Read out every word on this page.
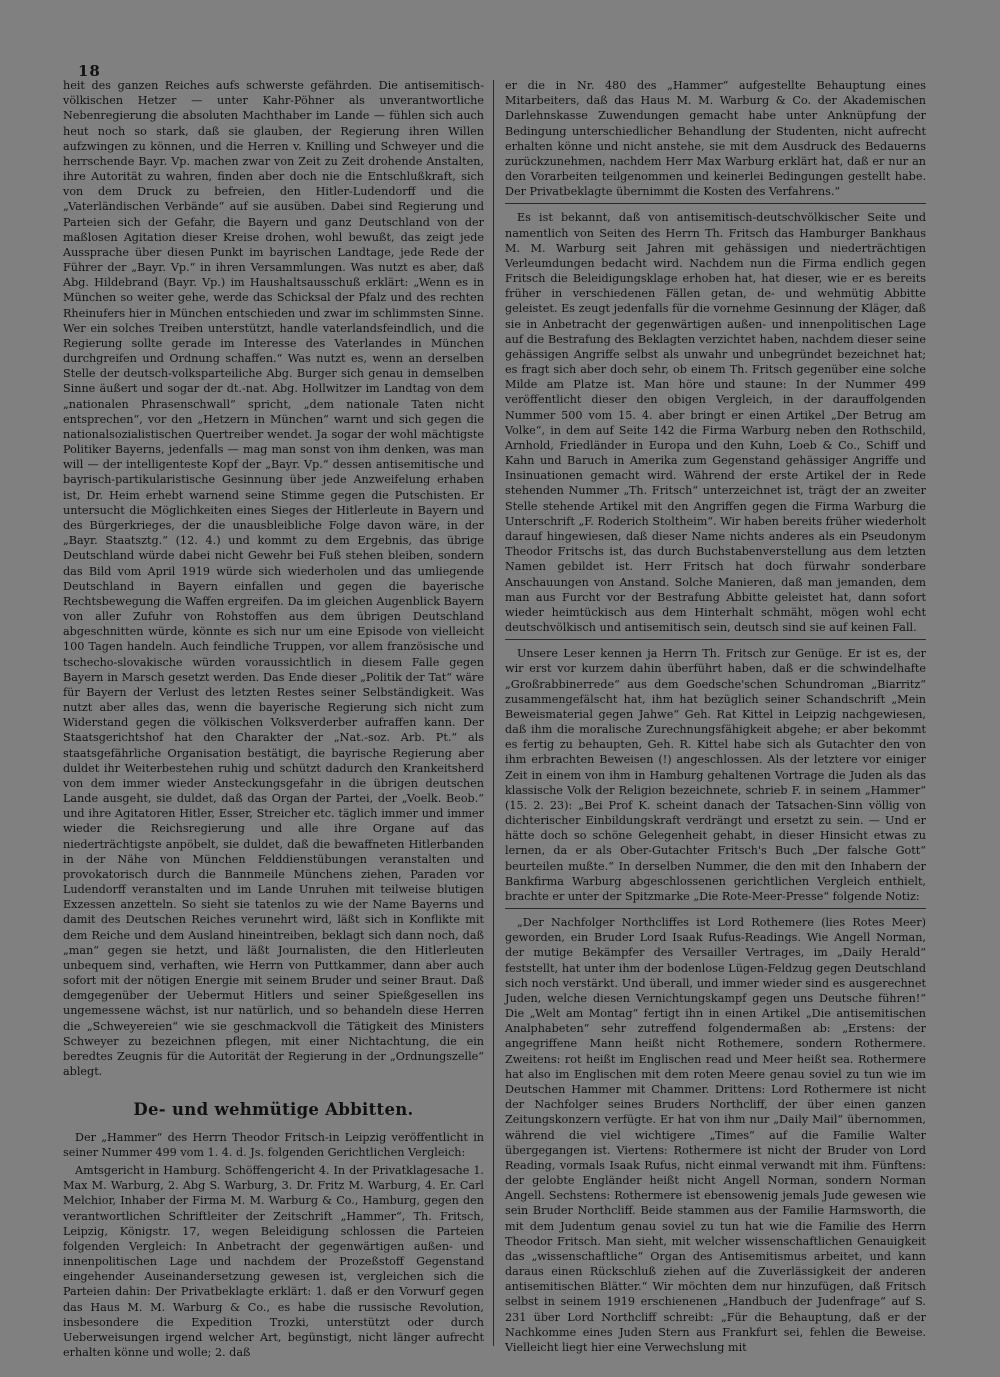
18

heit des ganzen Reiches aufs schwerste gefährden. Die antisemitisch-völkischen Hetzer — unter Kahr-Pöhner als unverantwortliche Nebenregierung die absoluten Machthaber im Lande — fühlen sich auch heut noch so stark, daß sie glauben, der Regierung ihren Willen aufzwingen zu können, und die Herren v. Knilling und Schweyer und die herrschende Bayr. Vp. machen zwar von Zeit zu Zeit drohende Anstalten, ihre Autorität zu wahren, finden aber doch nie die Entschlußkraft, sich von dem Druck zu befreien, den Hitler-Ludendorff und die „Vaterländischen Verbände“ auf sie ausüben. Dabei sind Regierung und Parteien sich der Gefahr, die Bayern und ganz Deutschland von der maßlosen Agitation dieser Kreise drohen, wohl bewußt, das zeigt jede Aussprache über diesen Punkt im bayrischen Landtage, jede Rede der Führer der „Bayr. Vp.“ in ihren Versammlungen. Was nutzt es aber, daß Abg. Hildebrand (Bayr. Vp.) im Haushaltsausschuß erklärt: „Wenn es in München so weiter gehe, werde das Schicksal der Pfalz und des rechten Rheinufers hier in München entschieden und zwar im schlimmsten Sinne. Wer ein solches Treiben unterstützt, handle vaterlandsfeindlich, und die Regierung sollte gerade im Interesse des Vaterlandes in München durchgreifen und Ordnung schaffen.“ Was nutzt es, wenn an derselben Stelle der deutsch-volksparteiliche Abg. Burger sich genau in demselben Sinne äußert und sogar der dt.-nat. Abg. Hollwitzer im Landtag von dem „nationalen Phrasenschwall“ spricht, „dem nationale Taten nicht entsprechen“, vor den „Hetzern in München“ warnt und sich gegen die nationalsozialistischen Quertreiber wendet. Ja sogar der wohl mächtigste Politiker Bayerns, jedenfalls — mag man sonst von ihm denken, was man will — der intelligenteste Kopf der „Bayr. Vp.“ dessen antisemitische und bayrisch-partikularistische Gesinnung über jede Anzweifelung erhaben ist, Dr. Heim erhebt warnend seine Stimme gegen die Putschisten. Er untersucht die Möglichkeiten eines Sieges der Hitlerleute in Bayern und des Bürgerkrieges, der die unausbleibliche Folge davon wäre, in der „Bayr. Staatsztg.“ (12. 4.) und kommt zu dem Ergebnis, das übrige Deutschland würde dabei nicht Gewehr bei Fuß stehen bleiben, sondern das Bild vom April 1919 würde sich wiederholen und das umliegende Deutschland in Bayern einfallen und gegen die bayerische Rechtsbewegung die Waffen ergreifen. Da im gleichen Augenblick Bayern von aller Zufuhr von Rohstoffen aus dem übrigen Deutschland abgeschnitten würde, könnte es sich nur um eine Episode von vielleicht 100 Tagen handeln. Auch feindliche Truppen, vor allem französische und tschecho-slovakische würden voraussichtlich in diesem Falle gegen Bayern in Marsch gesetzt werden. Das Ende dieser „Politik der Tat“ wäre für Bayern der Verlust des letzten Restes seiner Selbständigkeit. Was nutzt aber alles das, wenn die bayerische Regierung sich nicht zum Widerstand gegen die völkischen Volksverderber aufraffen kann. Der Staatsgerichtshof hat den Charakter der „Nat.-soz. Arb. Pt.“ als staatsgefährliche Organisation bestätigt, die bayrische Regierung aber duldet ihr Weiterbestehen ruhig und schützt dadurch den Krankeitsherd von dem immer wieder Ansteckungsgefahr in die übrigen deutschen Lande ausgeht, sie duldet, daß das Organ der Partei, der „Voelk. Beob.“ und ihre Agitatoren Hitler, Esser, Streicher etc. täglich immer und immer wieder die Reichsregierung und alle ihre Organe auf das niederträchtigste anpöbelt, sie duldet, daß die bewaffneten Hitlerbanden in der Nähe von München Felddienstübungen veranstalten und provokatorisch durch die Bannmeile Münchens ziehen, Paraden vor Ludendorff veranstalten und im Lande Unruhen mit teilweise blutigen Exzessen anzetteln. So sieht sie tatenlos zu wie der Name Bayerns und damit des Deutschen Reiches verunehrt wird, läßt sich in Konflikte mit dem Reiche und dem Ausland hineintreiben, beklagt sich dann noch, daß „man“ gegen sie hetzt, und läßt Journalisten, die den Hitlerleuten unbequem sind, verhaften, wie Herrn von Puttkammer, dann aber auch sofort mit der nötigen Energie mit seinem Bruder und seiner Braut. Daß demgegenüber der Uebermut Hitlers und seiner Spießgesellen ins ungemessene wächst, ist nur natürlich, und so behandeln diese Herren die „Schweyereien“ wie sie geschmackvoll die Tätigkeit des Ministers Schweyer zu bezeichnen pflegen, mit einer Nichtachtung, die ein beredtes Zeugnis für die Autorität der Regierung in der „Ordnungszelle“ ablegt.

De- und wehmütige Abbitten.

Der „Hammer“ des Herrn Theodor Fritsch-in Leipzig veröffentlicht in seiner Nummer 499 vom 1. 4. d. Js. folgenden Gerichtlichen Vergleich:

Amtsgericht in Hamburg. Schöffengericht 4. In der Privatklagesache 1. Max M. Warburg, 2. Abg S. Warburg, 3. Dr. Fritz M. Warburg, 4. Er. Carl Melchior, Inhaber der Firma M. M. Warburg & Co., Hamburg, gegen den verantwortlichen Schriftleiter der Zeitschrift „Hammer“, Th. Fritsch, Leipzig, Königstr. 17, wegen Beleidigung schlossen die Parteien folgenden Vergleich: In Anbetracht der gegenwärtigen außen- und innenpolitischen Lage und nachdem der Prozeßstoff Gegenstand eingehender Auseinandersetzung gewesen ist, vergleichen sich die Parteien dahin: Der Privatbeklagte erklärt: 1. daß er den Vorwurf gegen das Haus M. M. Warburg & Co., es habe die russische Revolution, insbesondere die Expedition Trozki, unterstützt oder durch Ueberweisungen irgend welcher Art, begünstigt, nicht länger aufrecht erhalten könne und wolle; 2. daß

er die in Nr. 480 des „Hammer“ aufgestellte Behauptung eines Mitarbeiters, daß das Haus M. M. Warburg & Co. der Akademischen Darlehnskasse Zuwendungen gemacht habe unter Anknüpfung der Bedingung unterschiedlicher Behandlung der Studenten, nicht aufrecht erhalten könne und nicht anstehe, sie mit dem Ausdruck des Bedauerns zurückzunehmen, nachdem Herr Max Warburg erklärt hat, daß er nur an den Vorarbeiten teilgenommen und keinerlei Bedingungen gestellt habe. Der Privatbeklagte übernimmt die Kosten des Verfahrens.“

Es ist bekannt, daß von antisemitisch-deutschvölkischer Seite und namentlich von Seiten des Herrn Th. Fritsch das Hamburger Bankhaus M. M. Warburg seit Jahren mit gehässigen und niederträchtigen Verleumdungen bedacht wird. Nachdem nun die Firma endlich gegen Fritsch die Beleidigungsklage erhoben hat, hat dieser, wie er es bereits früher in verschiedenen Fällen getan, de- und wehmütig Abbitte geleistet. Es zeugt jedenfalls für die vornehme Gesinnung der Kläger, daß sie in Anbetracht der gegenwärtigen außen- und innenpolitischen Lage auf die Bestrafung des Beklagten verzichtet haben, nachdem dieser seine gehässigen Angriffe selbst als unwahr und unbegründet bezeichnet hat; es fragt sich aber doch sehr, ob einem Th. Fritsch gegenüber eine solche Milde am Platze ist. Man höre und staune: In der Nummer 499 veröffentlicht dieser den obigen Vergleich, in der darauffolgenden Nummer 500 vom 15. 4. aber bringt er einen Artikel „Der Betrug am Volke“, in dem auf Seite 142 die Firma Warburg neben den Rothschild, Arnhold, Friedländer in Europa und den Kuhn, Loeb & Co., Schiff und Kahn und Baruch in Amerika zum Gegenstand gehässiger Angriffe und Insinuationen gemacht wird. Während der erste Artikel der in Rede stehenden Nummer „Th. Fritsch“ unterzeichnet ist, trägt der an zweiter Stelle stehende Artikel mit den Angriffen gegen die Firma Warburg die Unterschrift „F. Roderich Stoltheim“. Wir haben bereits früher wiederholt darauf hingewiesen, daß dieser Name nichts anderes als ein Pseudonym Theodor Fritschs ist, das durch Buchstabenverstellung aus dem letzten Namen gebildet ist. Herr Fritsch hat doch fürwahr sonderbare Anschauungen von Anstand. Solche Manieren, daß man jemanden, dem man aus Furcht vor der Bestrafung Abbitte geleistet hat, dann sofort wieder heimtückisch aus dem Hinterhalt schmäht, mögen wohl echt deutschvölkisch und antisemitisch sein, deutsch sind sie auf keinen Fall.

Unsere Leser kennen ja Herrn Th. Fritsch zur Genüge. Er ist es, der wir erst vor kurzem dahin überführt haben, daß er die schwindelhafte „Großrabbinerrede“ aus dem Goedsche'schen Schundroman „Biarritz“ zusammengefälscht hat, ihm hat bezüglich seiner Schandschrift „Mein Beweismaterial gegen Jahwe“ Geh. Rat Kittel in Leipzig nachgewiesen, daß ihm die moralische Zurechnungsfähigkeit abgehe; er aber bekommt es fertig zu behaupten, Geh. R. Kittel habe sich als Gutachter den von ihm erbrachten Beweisen (!) angeschlossen. Als der letztere vor einiger Zeit in einem von ihm in Hamburg gehaltenen Vortrage die Juden als das klassische Volk der Religion bezeichnete, schrieb F. in seinem „Hammer“ (15. 2. 23): „Bei Prof K. scheint danach der Tatsachen-Sinn völlig von dichterischer Einbildungskraft verdrängt und ersetzt zu sein. — Und er hätte doch so schöne Gelegenheit gehabt, in dieser Hinsicht etwas zu lernen, da er als Ober-Gutachter Fritsch's Buch „Der falsche Gott“ beurteilen mußte.“ In derselben Nummer, die den mit den Inhabern der Bankfirma Warburg abgeschlossenen gerichtlichen Vergleich enthielt, brachte er unter der Spitzmarke „Die Rote-Meer-Presse“ folgende Notiz:

„Der Nachfolger Northcliffes ist Lord Rothemere (lies Rotes Meer) geworden, ein Bruder Lord Isaak Rufus-Readings. Wie Angell Norman, der mutige Bekämpfer des Versailler Vertrages, im „Daily Herald“ feststellt, hat unter ihm der bodenlose Lügen-Feldzug gegen Deutschland sich noch verstärkt. Und überall, und immer wieder sind es ausgerechnet Juden, welche diesen Vernichtungskampf gegen uns Deutsche führen!“ Die „Welt am Montag“ fertigt ihn in einen Artikel „Die antisemitischen Analphabeten“ sehr zutreffend folgendermaßen ab: „Erstens: der angegriffene Mann heißt nicht Rothemere, sondern Rothermere. Zweitens: rot heißt im Englischen read und Meer heißt sea. Rothermere hat also im Englischen mit dem roten Meere genau soviel zu tun wie im Deutschen Hammer mit Chammer. Drittens: Lord Rothermere ist nicht der Nachfolger seines Bruders Northcliff, der über einen ganzen Zeitungskonzern verfügte. Er hat von ihm nur „Daily Mail“ übernommen, während die viel wichtigere „Times“ auf die Familie Walter übergegangen ist. Viertens: Rothermere ist nicht der Bruder von Lord Reading, vormals Isaak Rufus, nicht einmal verwandt mit ihm. Fünftens: der gelobte Engländer heißt nicht Angell Norman, sondern Norman Angell. Sechstens: Rothermere ist ebensowenig jemals Jude gewesen wie sein Bruder Northcliff. Beide stammen aus der Familie Harmsworth, die mit dem Judentum genau soviel zu tun hat wie die Familie des Herrn Theodor Fritsch. Man sieht, mit welcher wissenschaftlichen Genauigkeit das „wissenschaftliche“ Organ des Antisemitismus arbeitet, und kann daraus einen Rückschluß ziehen auf die Zuverlässigkeit der anderen antisemitischen Blätter.“ Wir möchten dem nur hinzufügen, daß Fritsch selbst in seinem 1919 erschienenen „Handbuch der Judenfrage“ auf S. 231 über Lord Northcliff schreibt: „Für die Behauptung, daß er der Nachkomme eines Juden Stern aus Frankfurt sei, fehlen die Beweise. Vielleicht liegt hier eine Verwechslung mit
